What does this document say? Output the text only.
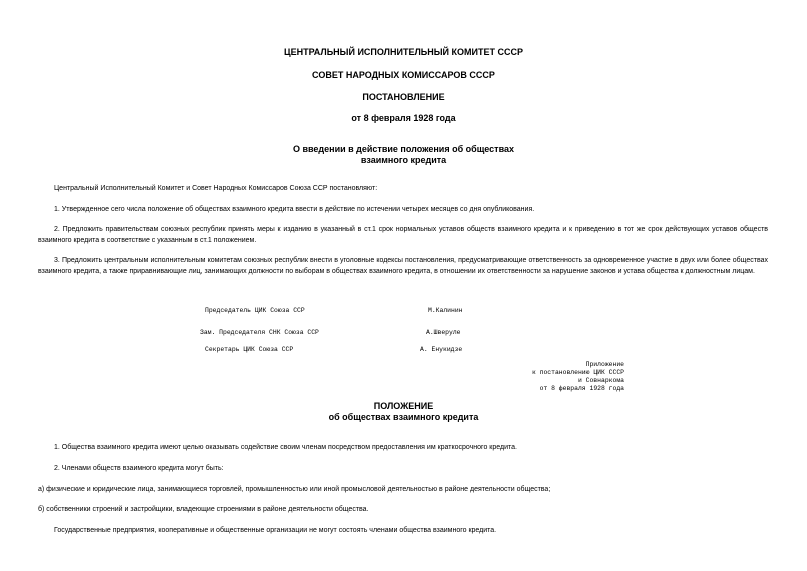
ЦЕНТРАЛЬНЫЙ ИСПОЛНИТЕЛЬНЫЙ КОМИТЕТ СССР
СОВЕТ НАРОДНЫХ КОМИССАРОВ СССР
ПОСТАНОВЛЕНИЕ
от 8 февраля 1928 года
О введении в действие положения об обществах
взаимного кредита
Центральный Исполнительный Комитет и Совет Народных Комиссаров Союза ССР постановляют:
1. Утвержденное сего числа положение об обществах взаимного кредита ввести в действие по истечении четырех месяцев со дня опубликования.
2. Предложить правительствам союзных республик принять меры к изданию в указанный в ст.1 срок нормальных уставов обществ взаимного кредита и к приведению в тот же срок действующих уставов обществ взаимного кредита в соответствие с указанным в ст.1 положением.
3. Предложить центральным исполнительным комитетам союзных республик внести в уголовные кодексы постановления, предусматривающие ответственность за одновременное участие в двух или более обществах взаимного кредита, а также приравнивающие лиц, занимающих должности по выборам в обществах взаимного кредита, в отношении их ответственности за нарушение законов и устава общества к должностным лицам.
Председатель ЦИК Союза ССР	М.Калинин
Зам. Председателя СНК Союза ССР	А.Шверуле
Секретарь ЦИК Союза ССР	А. Енукидзе
Приложение
к постановлению ЦИК СССР
и Совнаркома
от 8 февраля 1928 года
ПОЛОЖЕНИЕ
об обществах взаимного кредита
1. Общества взаимного кредита имеют целью оказывать содействие своим членам посредством предоставления им краткосрочного кредита.
2. Членами обществ взаимного кредита могут быть:
а) физические и юридические лица, занимающиеся торговлей, промышленностью или иной промысловой деятельностью в районе деятельности общества;
б) собственники строений и застройщики, владеющие строениями в районе деятельности общества.
Государственные предприятия, кооперативные и общественные организации не могут состоять членами общества взаимного кредита.
